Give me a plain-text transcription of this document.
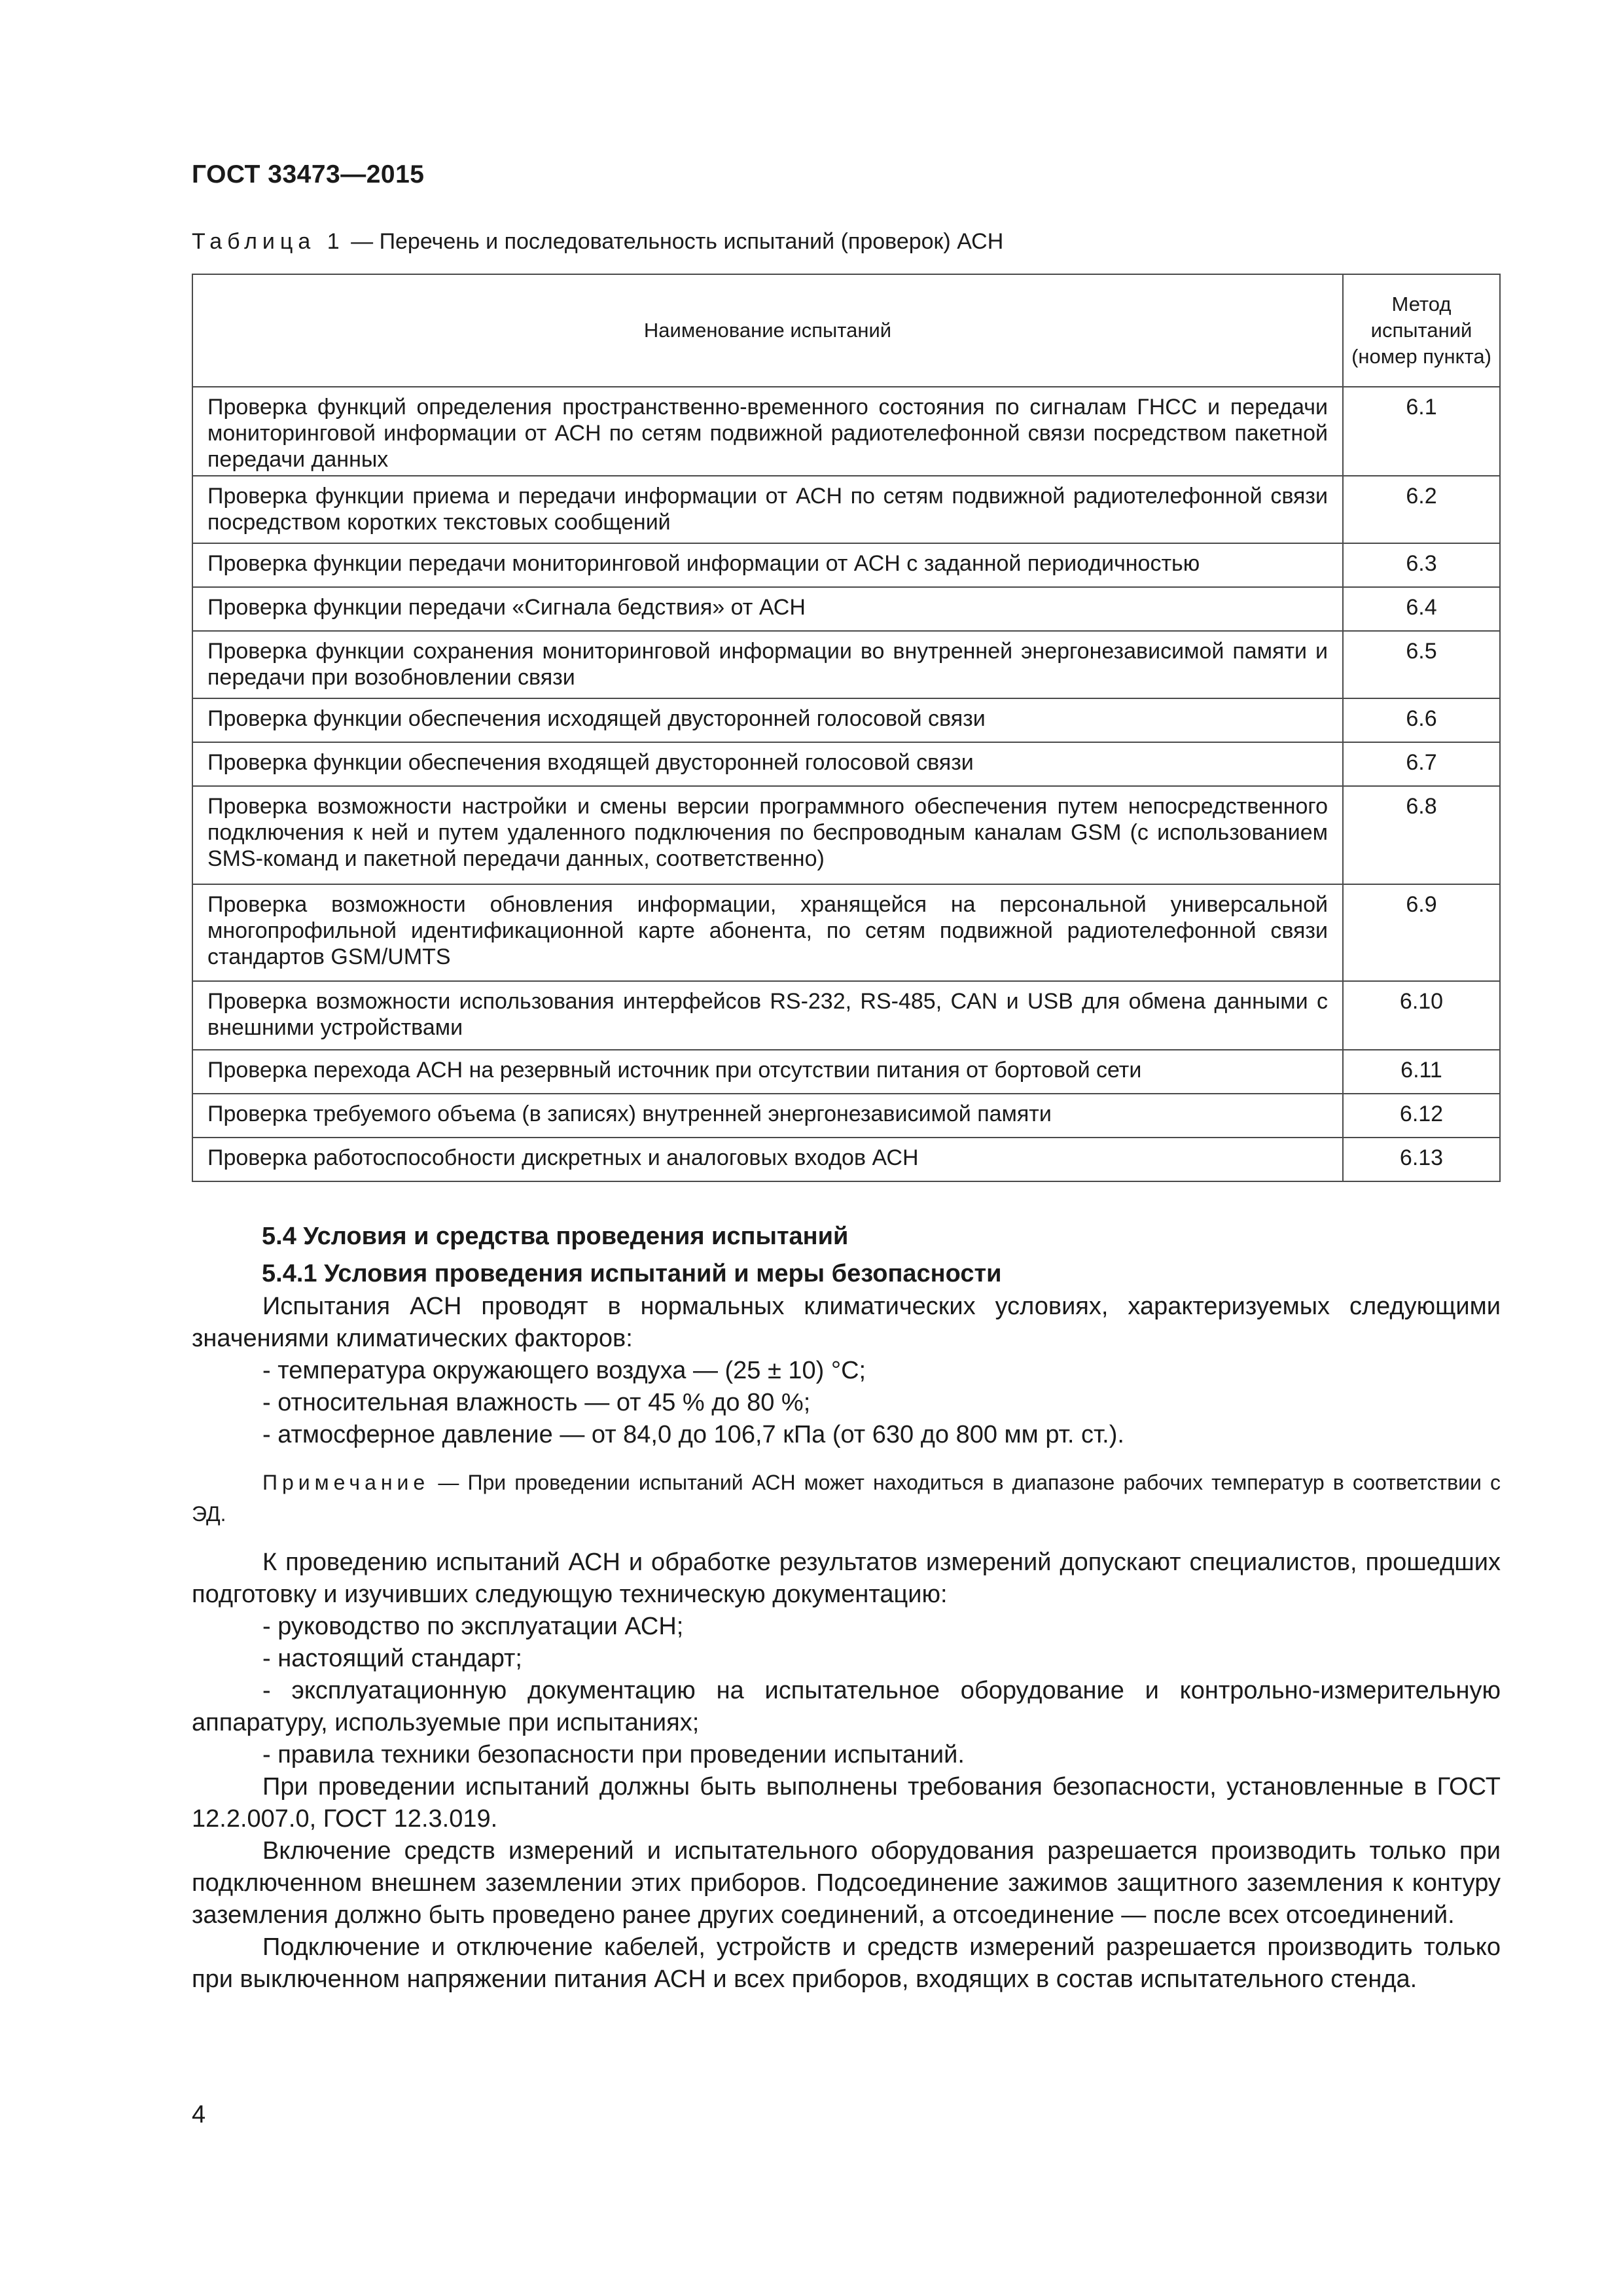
ГОСТ 33473—2015
Таблица 1 — Перечень и последовательность испытаний (проверок) АСН
Наименование испытаний	Метод испытаний (номер пункта)
Проверка функций определения пространственно-временного состояния по сигналам ГНСС и передачи мониторинговой информации от АСН по сетям подвижной радиотелефонной связи посредством пакетной передачи данных	6.1
Проверка функции приема и передачи информации от АСН по сетям подвижной радиотелефонной связи посредством коротких текстовых сообщений	6.2
Проверка функции передачи мониторинговой информации от АСН с заданной периодичностью	6.3
Проверка функции передачи «Сигнала бедствия» от АСН	6.4
Проверка функции сохранения мониторинговой информации во внутренней энергонезависимой памяти и передачи при возобновлении связи	6.5
Проверка функции обеспечения исходящей двусторонней голосовой связи	6.6
Проверка функции обеспечения входящей двусторонней голосовой связи	6.7
Проверка возможности настройки и смены версии программного обеспечения путем непосредственного подключения к ней и путем удаленного подключения по беспроводным каналам GSM (с использованием SMS-команд и пакетной передачи данных, соответственно)	6.8
Проверка возможности обновления информации, хранящейся на персональной универсальной многопрофильной идентификационной карте абонента, по сетям подвижной радиотелефонной связи стандартов GSM/UMTS	6.9
Проверка возможности использования интерфейсов RS-232, RS-485, CAN и USB для обмена данными с внешними устройствами	6.10
Проверка перехода АСН на резервный источник при отсутствии питания от бортовой сети	6.11
Проверка требуемого объема (в записях) внутренней энергонезависимой памяти	6.12
Проверка работоспособности дискретных и аналоговых входов АСН	6.13
5.4 Условия и средства проведения испытаний
5.4.1 Условия проведения испытаний и меры безопасности

Испытания АСН проводят в нормальных климатических условиях, характеризуемых следующими значениями климатических факторов:

- температура окружающего воздуха — (25 ± 10) °С;

- относительная влажность — от 45 % до 80 %;

- атмосферное давление — от 84,0 до 106,7 кПа (от 630 до 800 мм рт. ст.).

Примечание — При проведении испытаний АСН может находиться в диапазоне рабочих температур в соответствии с ЭД.

К проведению испытаний АСН и обработке результатов измерений допускают специалистов, прошедших подготовку и изучивших следующую техническую документацию:

- руководство по эксплуатации АСН;

- настоящий стандарт;

- эксплуатационную документацию на испытательное оборудование и контрольно-измерительную аппаратуру, используемые при испытаниях;

- правила техники безопасности при проведении испытаний.

При проведении испытаний должны быть выполнены требования безопасности, установленные в ГОСТ 12.2.007.0, ГОСТ 12.3.019.

Включение средств измерений и испытательного оборудования разрешается производить только при подключенном внешнем заземлении этих приборов. Подсоединение зажимов защитного заземления к контуру заземления должно быть проведено ранее других соединений, а отсоединение — после всех отсоединений.

Подключение и отключение кабелей, устройств и средств измерений разрешается производить только при выключенном напряжении питания АСН и всех приборов, входящих в состав испытательного стенда.

4
